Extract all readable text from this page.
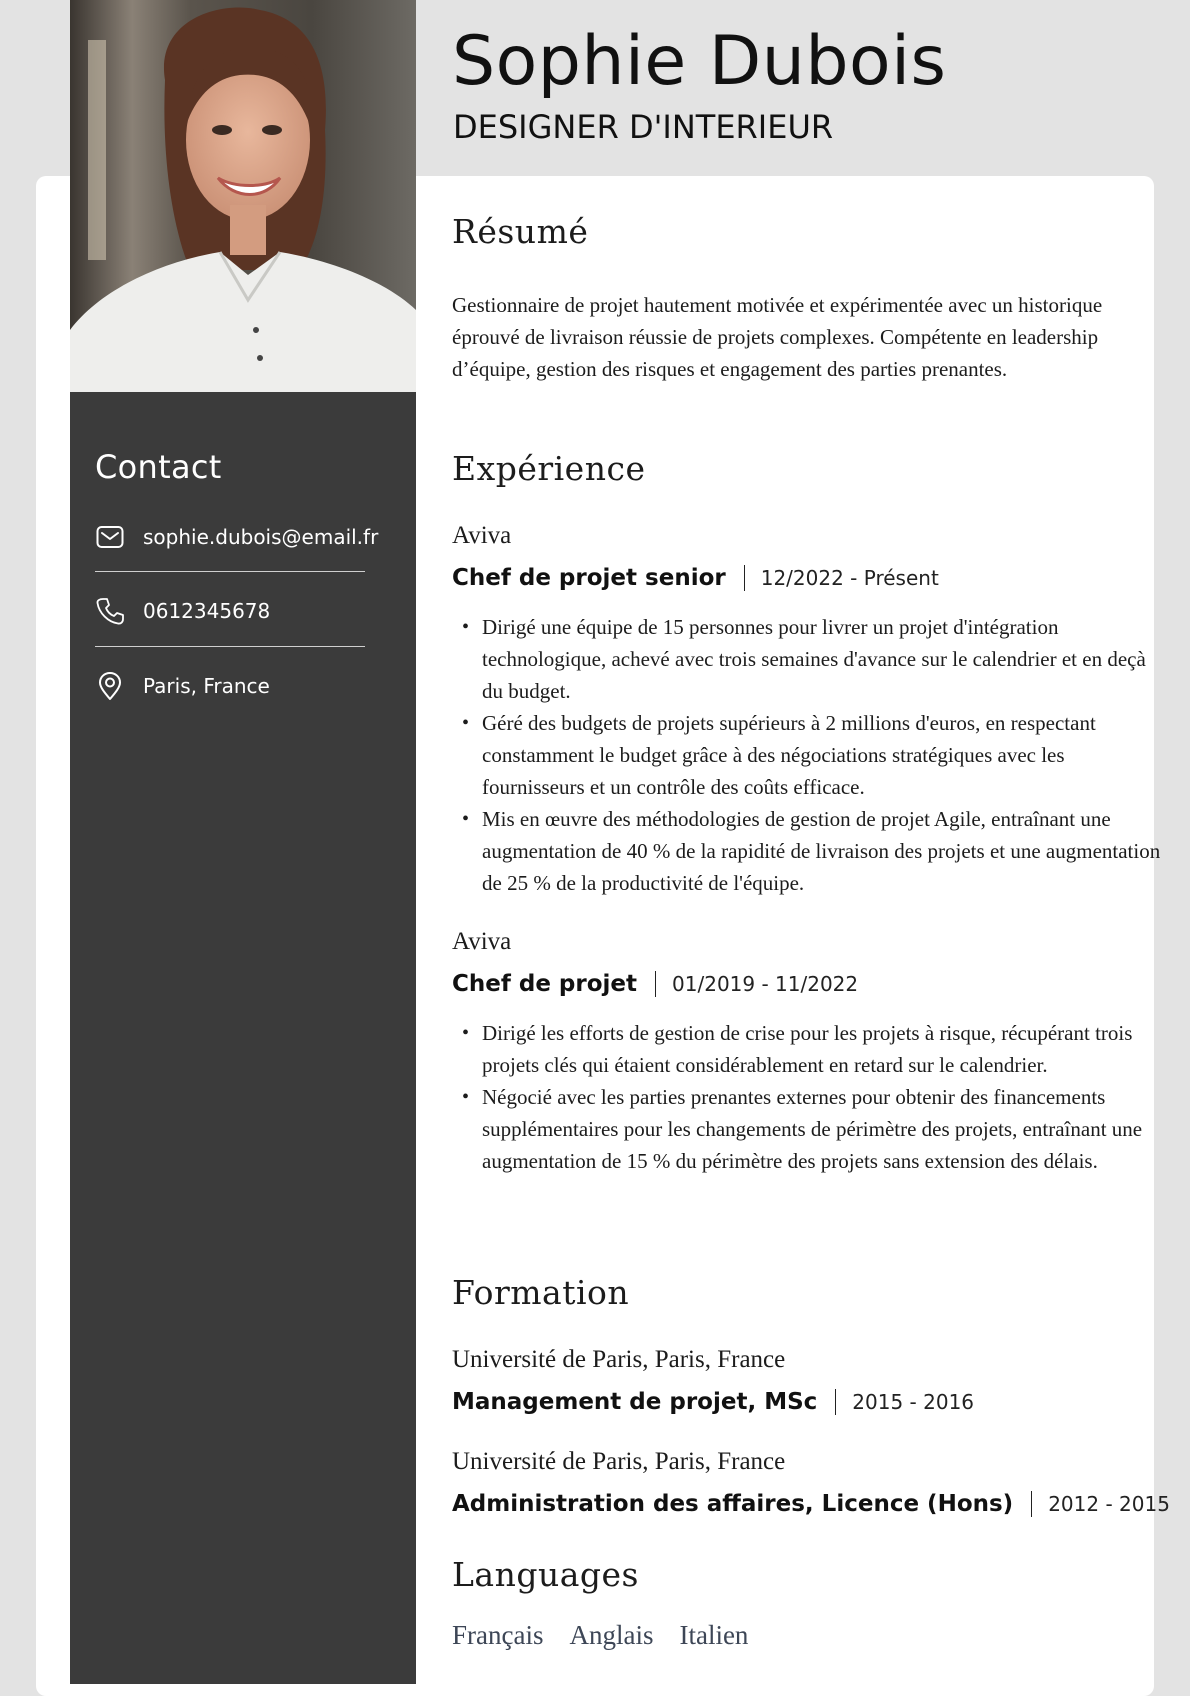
Contact
sophie.dubois@email.fr
0612345678
Paris, France
Sophie Dubois
DESIGNER D'INTERIEUR
Résumé

Gestionnaire de projet hautement motivée et expérimentée avec un historique éprouvé de livraison réussie de projets complexes. Compétente en leadership d’équipe, gestion des risques et engagement des parties prenantes.

Expérience
Aviva
Chef de projet senior 12/2022 - Présent
• Dirigé une équipe de 15 personnes pour livrer un projet d'intégration technologique, achevé avec trois semaines d'avance sur le calendrier et en deçà du budget.
• Géré des budgets de projets supérieurs à 2 millions d'euros, en respectant constamment le budget grâce à des négociations stratégiques avec les fournisseurs et un contrôle des coûts efficace.
• Mis en œuvre des méthodologies de gestion de projet Agile, entraînant une augmentation de 40 % de la rapidité de livraison des projets et une augmentation de 25 % de la productivité de l'équipe.
Aviva
Chef de projet 01/2019 - 11/2022
• Dirigé les efforts de gestion de crise pour les projets à risque, récupérant trois projets clés qui étaient considérablement en retard sur le calendrier.
• Négocié avec les parties prenantes externes pour obtenir des financements supplémentaires pour les changements de périmètre des projets, entraînant une augmentation de 15 % du périmètre des projets sans extension des délais.
Formation
Université de Paris, Paris, France
Management de projet, MSc 2015 - 2016
Université de Paris, Paris, France
Administration des affaires, Licence (Hons) 2012 - 2015
Languages
Français Anglais Italien
